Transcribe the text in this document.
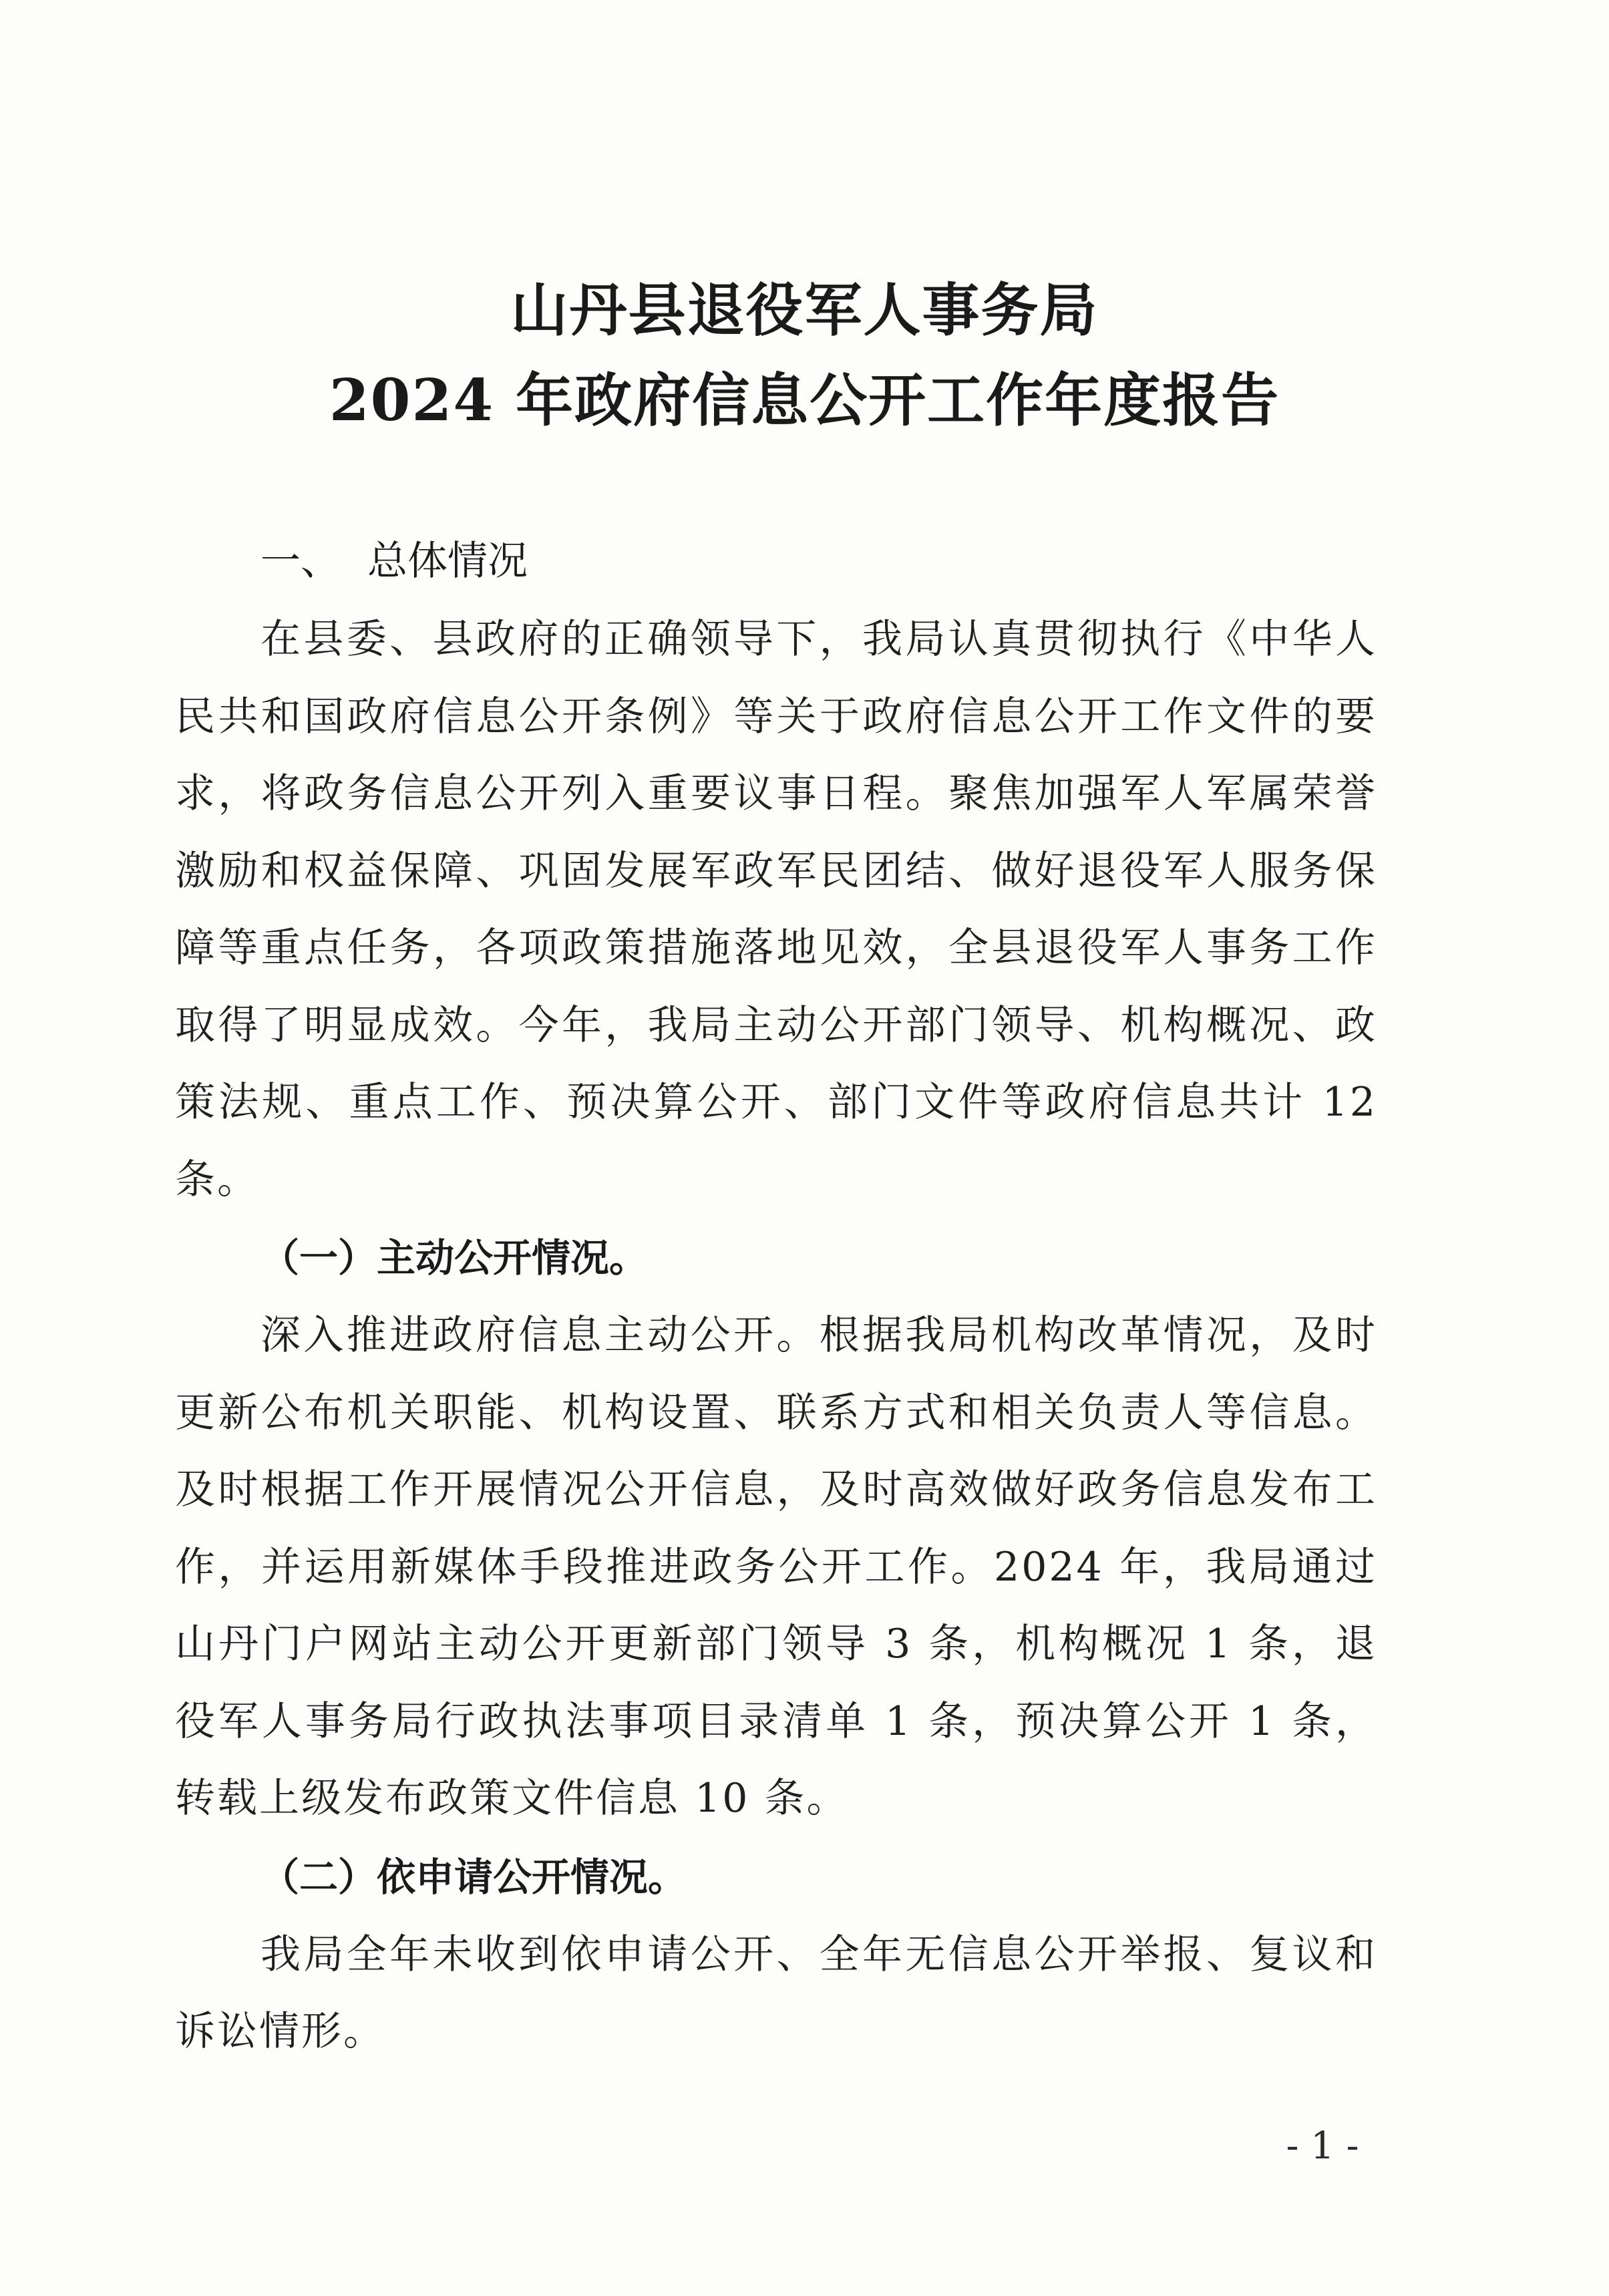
山丹县退役军人事务局
2024 年政府信息公开工作年度报告
一、 总体情况

在县委、县政府的正确领导下，我局认真贯彻执行《中华人民共和国政府信息公开条例》等关于政府信息公开工作文件的要求，将政务信息公开列入重要议事日程。聚焦加强军人军属荣誉激励和权益保障、巩固发展军政军民团结、做好退役军人服务保障等重点任务，各项政策措施落地见效，全县退役军人事务工作取得了明显成效。今年，我局主动公开部门领导、机构概况、政策法规、重点工作、预决算公开、部门文件等政府信息共计 12 条。

（一）主动公开情况。

深入推进政府信息主动公开。根据我局机构改革情况，及时更新公布机关职能、机构设置、联系方式和相关负责人等信息。及时根据工作开展情况公开信息，及时高效做好政务信息发布工作，并运用新媒体手段推进政务公开工作。2024 年，我局通过山丹门户网站主动公开更新部门领导 3 条，机构概况 1 条，退役军人事务局行政执法事项目录清单 1 条，预决算公开 1 条，转载上级发布政策文件信息 10 条。

（二）依申请公开情况。

我局全年未收到依申请公开、全年无信息公开举报、复议和诉讼情形。

- 1 -
